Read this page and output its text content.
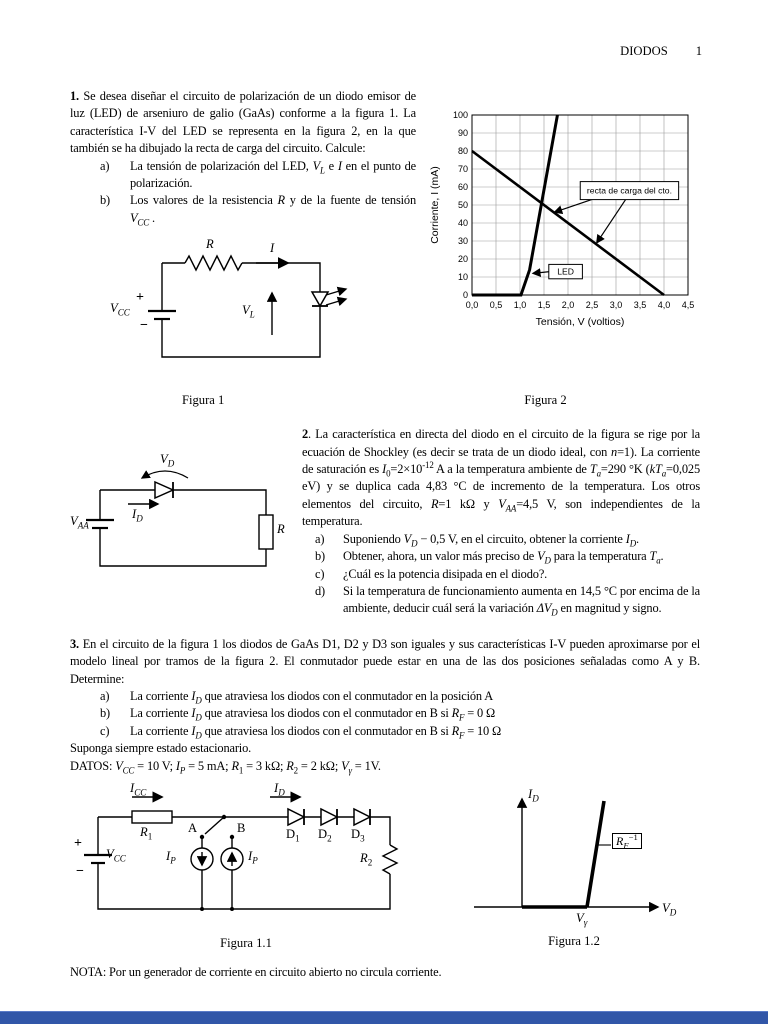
DIODOS 1
0,0 0,5 1,0 1,5 2,0 2,5 3,0 3,5 4,0 4,5
0
10
20
30
40
50
60
70
80
90
100
recta de carga del cto.
LED
Tensión, V (voltios)
Corriente, I (mA)

1. Se desea diseñar el circuito de polarización de un diodo emisor de luz (LED) de arseniuro de galio (GaAs) conforme a la figura 1. La característica I-V del LED se representa en la figura 2, en la que también se ha dibujado la recta de carga del circuito. Calcule:

a) La tensión de polarización del LED, $V_L$ e I en el punto de polarización.
b) Los valores de la resistencia R y de la fuente de tensión $V_{CC}$ .
R	I
$V_{CC}$
+
−
$V_L$
Figura 1	Figura 2
$V_D$
$I_D$
$V_{AA}$	R

2. La característica en directa del diodo en el circuito de la figura se rige por la ecuación de Shockley (es decir se trata de un diodo ideal, con n=1). La corriente de saturación es $I_0=2\times 10^{-12}$ A a la temperatura ambiente de $T_a=290$ °K ($kT_a=0,025$ eV) y se duplica cada 4,83 °C de incremento de la temperatura. Los otros elementos del circuito, R=1 kΩ y $V_{AA}=4,5$ V, son independientes de la temperatura.

a) Suponiendo $V_D - 0,5$ V, en el circuito, obtener la corriente $I_D$.
b) Obtener, ahora, un valor más preciso de $V_D$ para la temperatura $T_a$.
c) ¿Cuál es la potencia disipada en el diodo?.
d) Si la temperatura de funcionamiento aumenta en 14,5 °C por encima de la ambiente, deducir cuál será la variación $\Delta V_D$ en magnitud y signo.

3. En el circuito de la figura 1 los diodos de GaAs D1, D2 y D3 son iguales y sus características I-V pueden aproximarse por el modelo lineal por tramos de la figura 2. El conmutador puede estar en una de las dos posiciones señaladas como A y B. Determine:

a) La corriente $I_D$ que atraviesa los diodos con el conmutador en la posición A
b) La corriente $I_D$ que atraviesa los diodos con el conmutador en B si $R_F = 0$ Ω
c) La corriente $I_D$ que atraviesa los diodos con el conmutador en B si $R_F = 10$ Ω

Suponga siempre estado estacionario.

DATOS: $V_{CC} = 10$ V; $I_P = 5$ mA; $R_1 = 3$ kΩ; $R_2 = 2$ kΩ; $V_\gamma = 1V$.

+
−
$V_{CC}$
$I_{CC}$
$R_1$
A	B
$I_D$
$I_P$	$I_P$
$D_1$ $D_2$ $D_3$
$R_2$
Figura 1.1
$I_D$
$V_D$
$V_\gamma$
$R_F^{-1}$
Figura 1.2

NOTA: Por un generador de corriente en circuito abierto no circula corriente.
